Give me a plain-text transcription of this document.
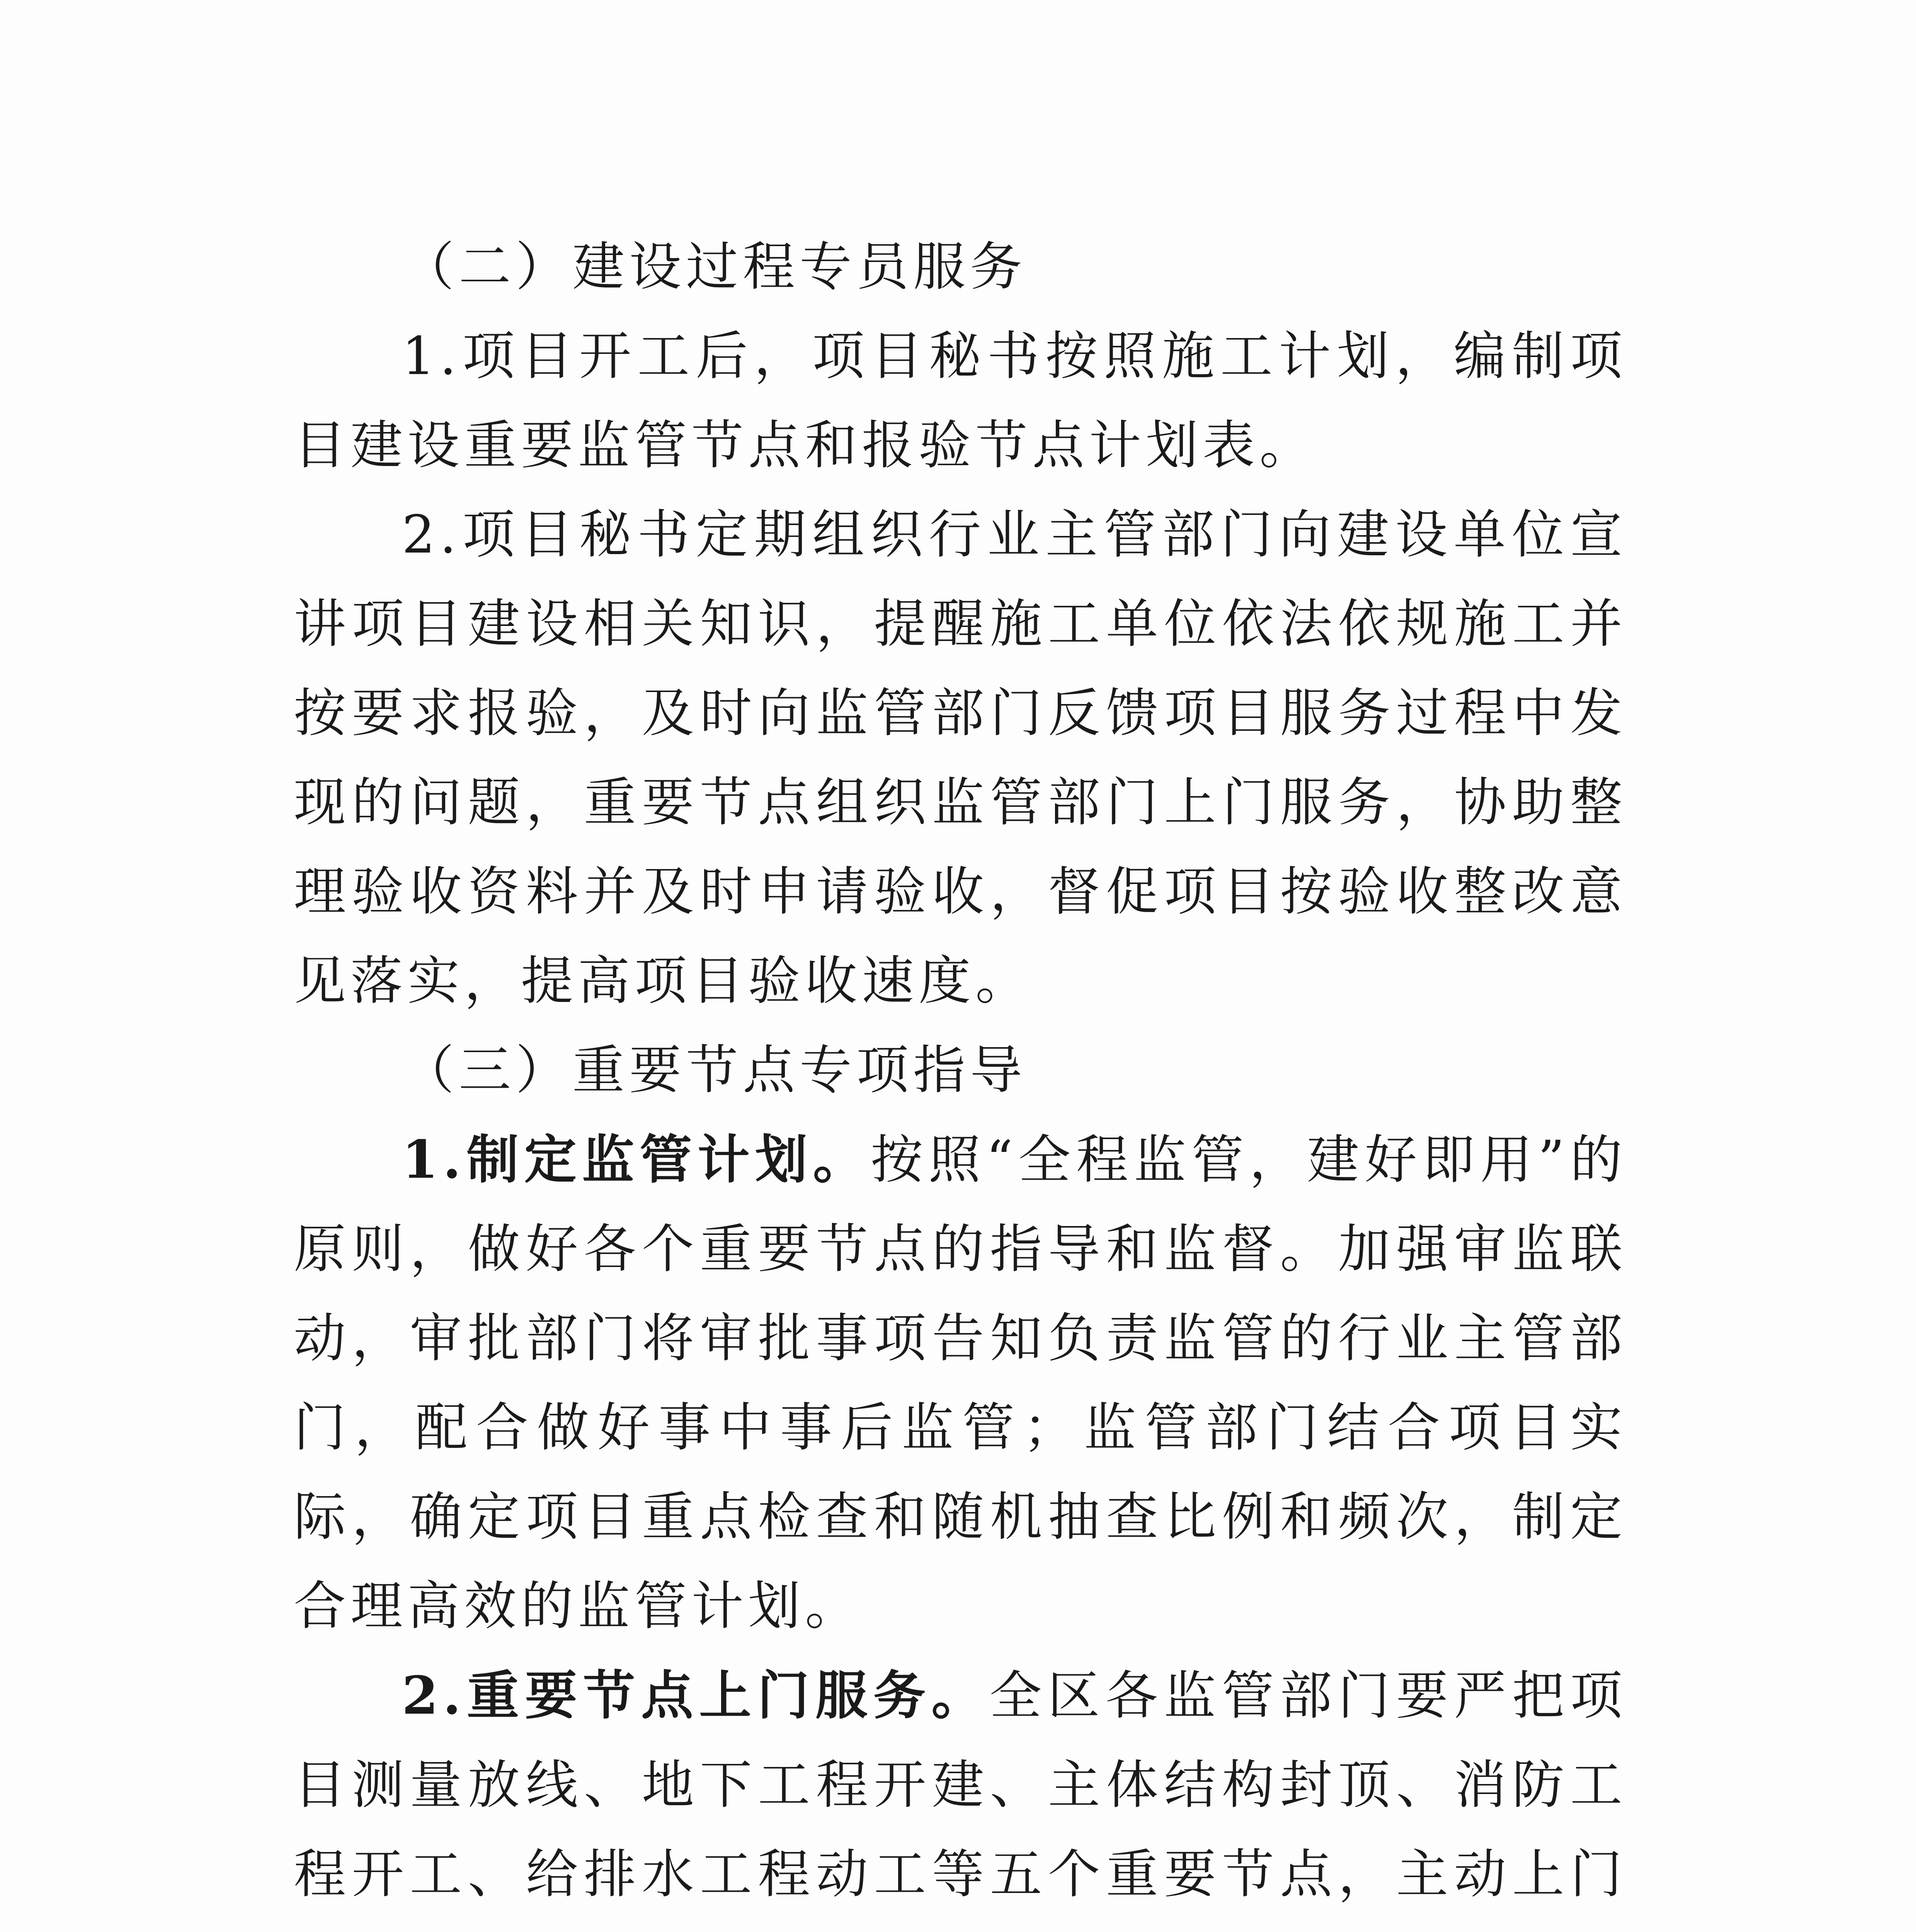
（二）建设过程专员服务

1.项目开工后，项目秘书按照施工计划，编制项目建设重要监管节点和报验节点计划表。

2.项目秘书定期组织行业主管部门向建设单位宣讲项目建设相关知识，提醒施工单位依法依规施工并按要求报验，及时向监管部门反馈项目服务过程中发现的问题，重要节点组织监管部门上门服务，协助整理验收资料并及时申请验收，督促项目按验收整改意见落实，提高项目验收速度。

（三）重要节点专项指导

1.制定监管计划。按照“全程监管，建好即用”的原则，做好各个重要节点的指导和监督。加强审监联动，审批部门将审批事项告知负责监管的行业主管部门，配合做好事中事后监管；监管部门结合项目实际，确定项目重点检查和随机抽查比例和频次，制定合理高效的监管计划。

2.重要节点上门服务。全区各监管部门要严把项目测量放线、地下工程开建、主体结构封顶、消防工程开工、给排水工程动工等五个重要节点，主动上门
